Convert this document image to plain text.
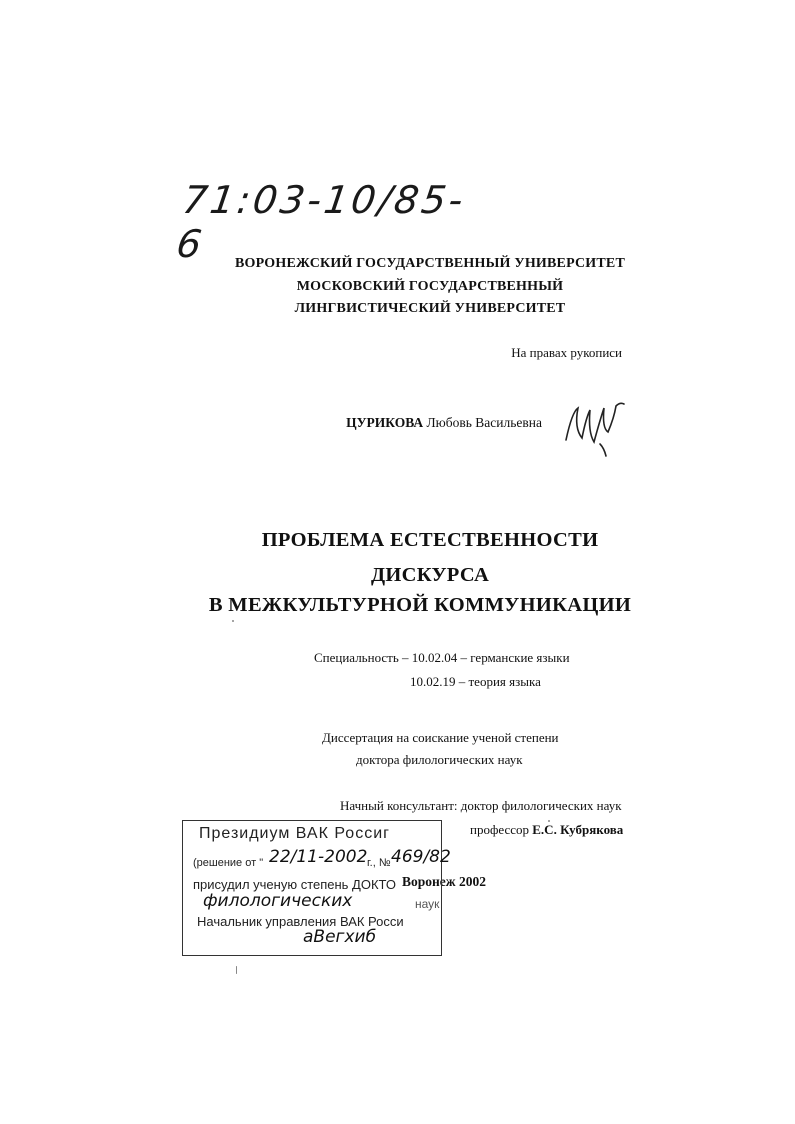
71:03-10/85-6	ВОРОНЕЖСКИЙ ГОСУДАРСТВЕННЫЙ УНИВЕРСИТЕТ
МОСКОВСКИЙ ГОСУДАРСТВЕННЫЙ
ЛИНГВИСТИЧЕСКИЙ УНИВЕРСИТЕТ
На правах рукописи
ЦУРИКОВА Любовь Васильевна
ПРОБЛЕМА ЕСТЕСТВЕННОСТИ
ДИСКУРСА
В МЕЖКУЛЬТУРНОЙ КОММУНИКАЦИИ
Специальность – 10.02.04 – германские языки
10.02.19 – теория языка
Диссертация на соискание ученой степени
доктора филологических наук
Начный консультант: доктор филологических наук
профессор Е.С. Кубрякова
Воронеж 2002
Президиум ВАК Россиг
(решение от " 22/11-2002 г., № 469/82
присудил ученую степень ДОКТО
филологических	наук
Начальник управления ВАК Росси
аВегхиб
